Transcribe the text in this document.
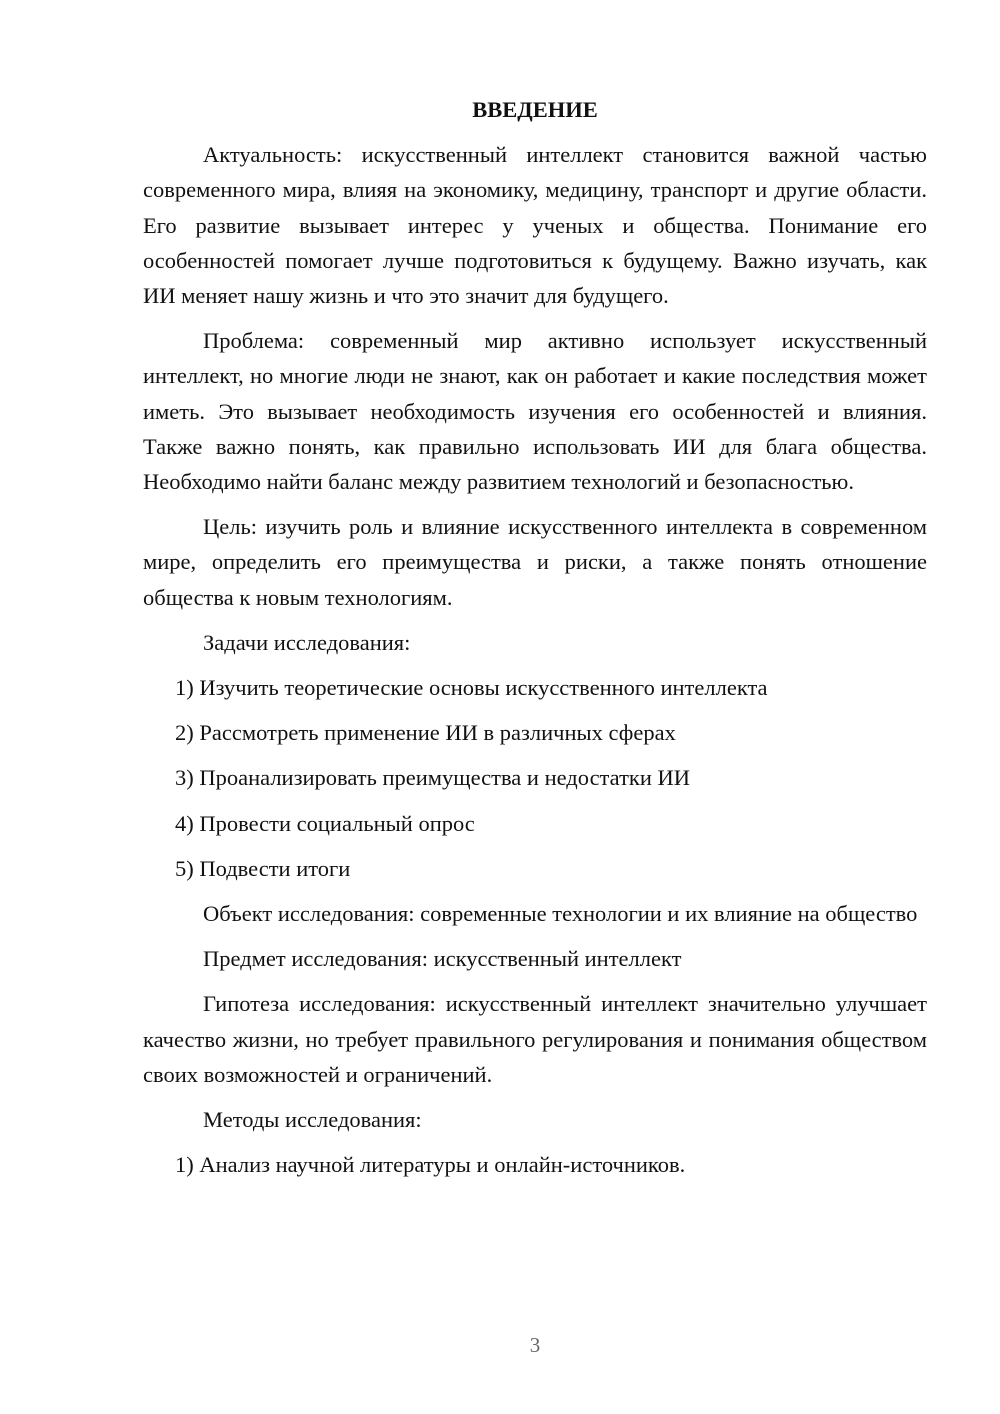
ВВЕДЕНИЕ
Актуальность: искусственный интеллект становится важной частью современного мира, влияя на экономику, медицину, транспорт и другие области. Его развитие вызывает интерес у ученых и общества. Понимание его особенностей помогает лучше подготовиться к будущему. Важно изучать, как ИИ меняет нашу жизнь и что это значит для будущего.
Проблема: современный мир активно использует искусственный интеллект, но многие люди не знают, как он работает и какие последствия может иметь. Это вызывает необходимость изучения его особенностей и влияния. Также важно понять, как правильно использовать ИИ для блага общества. Необходимо найти баланс между развитием технологий и безопасностью.
Цель: изучить роль и влияние искусственного интеллекта в современном мире, определить его преимущества и риски, а также понять отношение общества к новым технологиям.
Задачи исследования:
1) Изучить теоретические основы искусственного интеллекта
2) Рассмотреть применение ИИ в различных сферах
3) Проанализировать преимущества и недостатки ИИ
4) Провести социальный опрос
5) Подвести итоги
Объект исследования: современные технологии и их влияние на общество
Предмет исследования: искусственный интеллект
Гипотеза исследования: искусственный интеллект значительно улучшает качество жизни, но требует правильного регулирования и понимания обществом своих возможностей и ограничений.
Методы исследования:
1) Анализ научной литературы и онлайн-источников.
3
